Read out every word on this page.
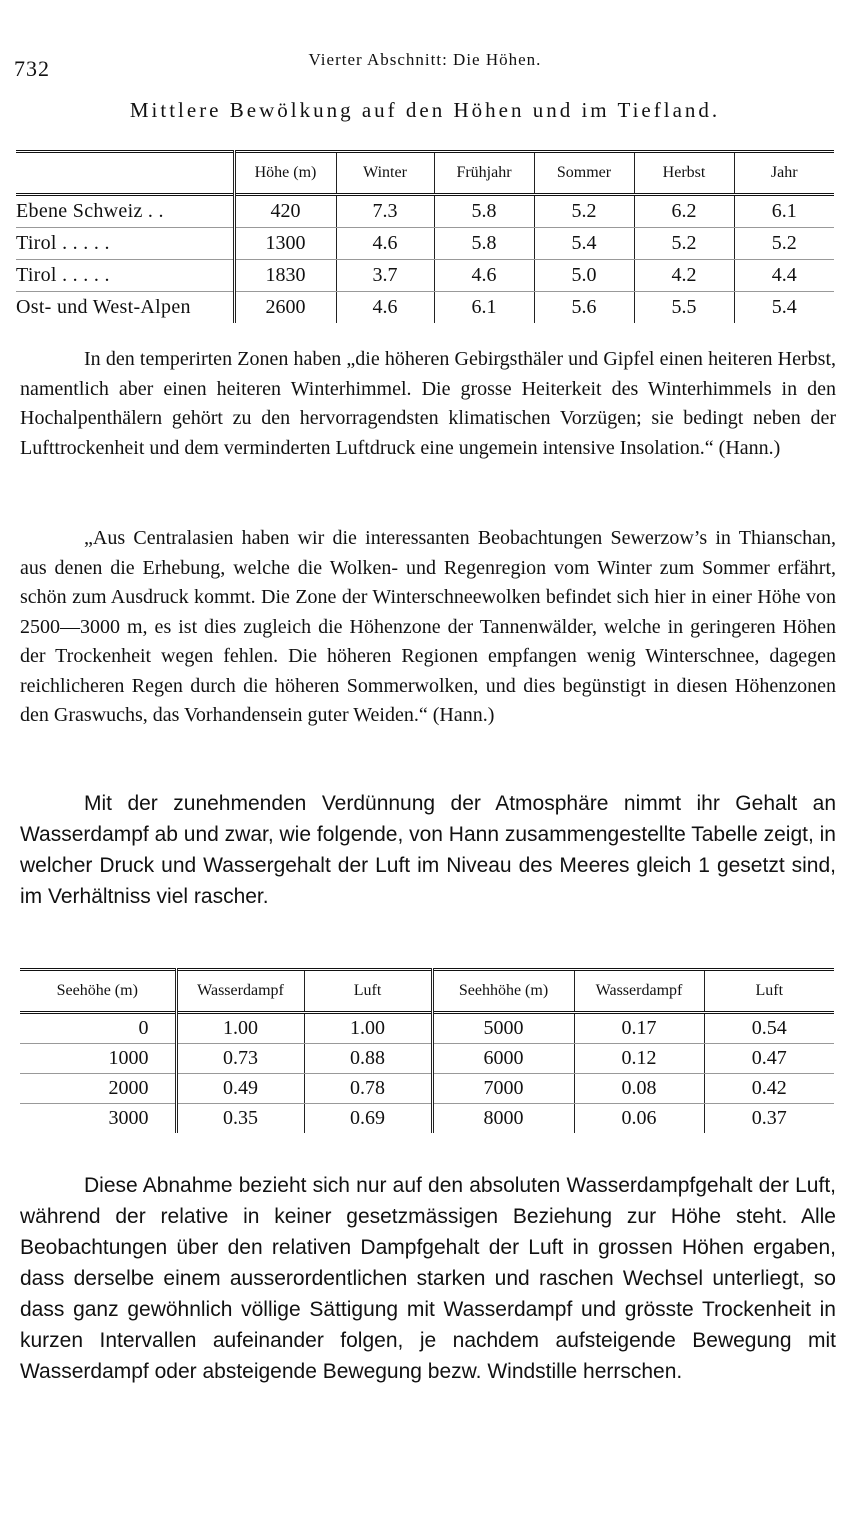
732	Vierter Abschnitt: Die Höhen.
Mittlere Bewölkung auf den Höhen und im Tiefland.
	Höhe (m)	Winter	Frühjahr	Sommer	Herbst	Jahr
Ebene Schweiz . .	420	7.3	5.8	5.2	6.2	6.1
Tirol . . . . .	1300	4.6	5.8	5.4	5.2	5.2
Tirol . . . . .	1830	3.7	4.6	5.0	4.2	4.4
Ost- und West-Alpen	2600	4.6	6.1	5.6	5.5	5.4

In den temperirten Zonen haben „die höheren Gebirgsthäler und Gipfel einen heiteren Herbst, namentlich aber einen heiteren Winterhimmel. Die grosse Heiterkeit des Winterhimmels in den Hochalpenthälern gehört zu den hervorragendsten klimatischen Vorzügen; sie bedingt neben der Lufttrockenheit und dem verminderten Luftdruck eine ungemein intensive Insolation.“ (Hann.)

„Aus Centralasien haben wir die interessanten Beobachtungen Sewerzow’s in Thianschan, aus denen die Erhebung, welche die Wolken- und Regenregion vom Winter zum Sommer erfährt, schön zum Ausdruck kommt. Die Zone der Winterschneewolken befindet sich hier in einer Höhe von 2500—3000 m, es ist dies zugleich die Höhenzone der Tannenwälder, welche in geringeren Höhen der Trockenheit wegen fehlen. Die höheren Regionen empfangen wenig Winterschnee, dagegen reichlicheren Regen durch die höheren Sommerwolken, und dies begünstigt in diesen Höhenzonen den Graswuchs, das Vorhandensein guter Weiden.“ (Hann.)

Mit der zunehmenden Verdünnung der Atmosphäre nimmt ihr Gehalt an Wasserdampf ab und zwar, wie folgende, von Hann zusammengestellte Tabelle zeigt, in welcher Druck und Wassergehalt der Luft im Niveau des Meeres gleich 1 gesetzt sind, im Verhältniss viel rascher.

Seehöhe (m)	Wasserdampf	Luft	Seehhöhe (m)	Wasserdampf	Luft
0	1.00	1.00	5000	0.17	0.54
1000	0.73	0.88	6000	0.12	0.47
2000	0.49	0.78	7000	0.08	0.42
3000	0.35	0.69	8000	0.06	0.37

Diese Abnahme bezieht sich nur auf den absoluten Wasserdampfgehalt der Luft, während der relative in keiner gesetzmässigen Beziehung zur Höhe steht. Alle Beobachtungen über den relativen Dampfgehalt der Luft in grossen Höhen ergaben, dass derselbe einem ausserordentlichen starken und raschen Wechsel unterliegt, so dass ganz gewöhnlich völlige Sättigung mit Wasserdampf und grösste Trockenheit in kurzen Intervallen aufeinander folgen, je nachdem aufsteigende Bewegung mit Wasserdampf oder absteigende Bewegung bezw. Windstille herrschen.
